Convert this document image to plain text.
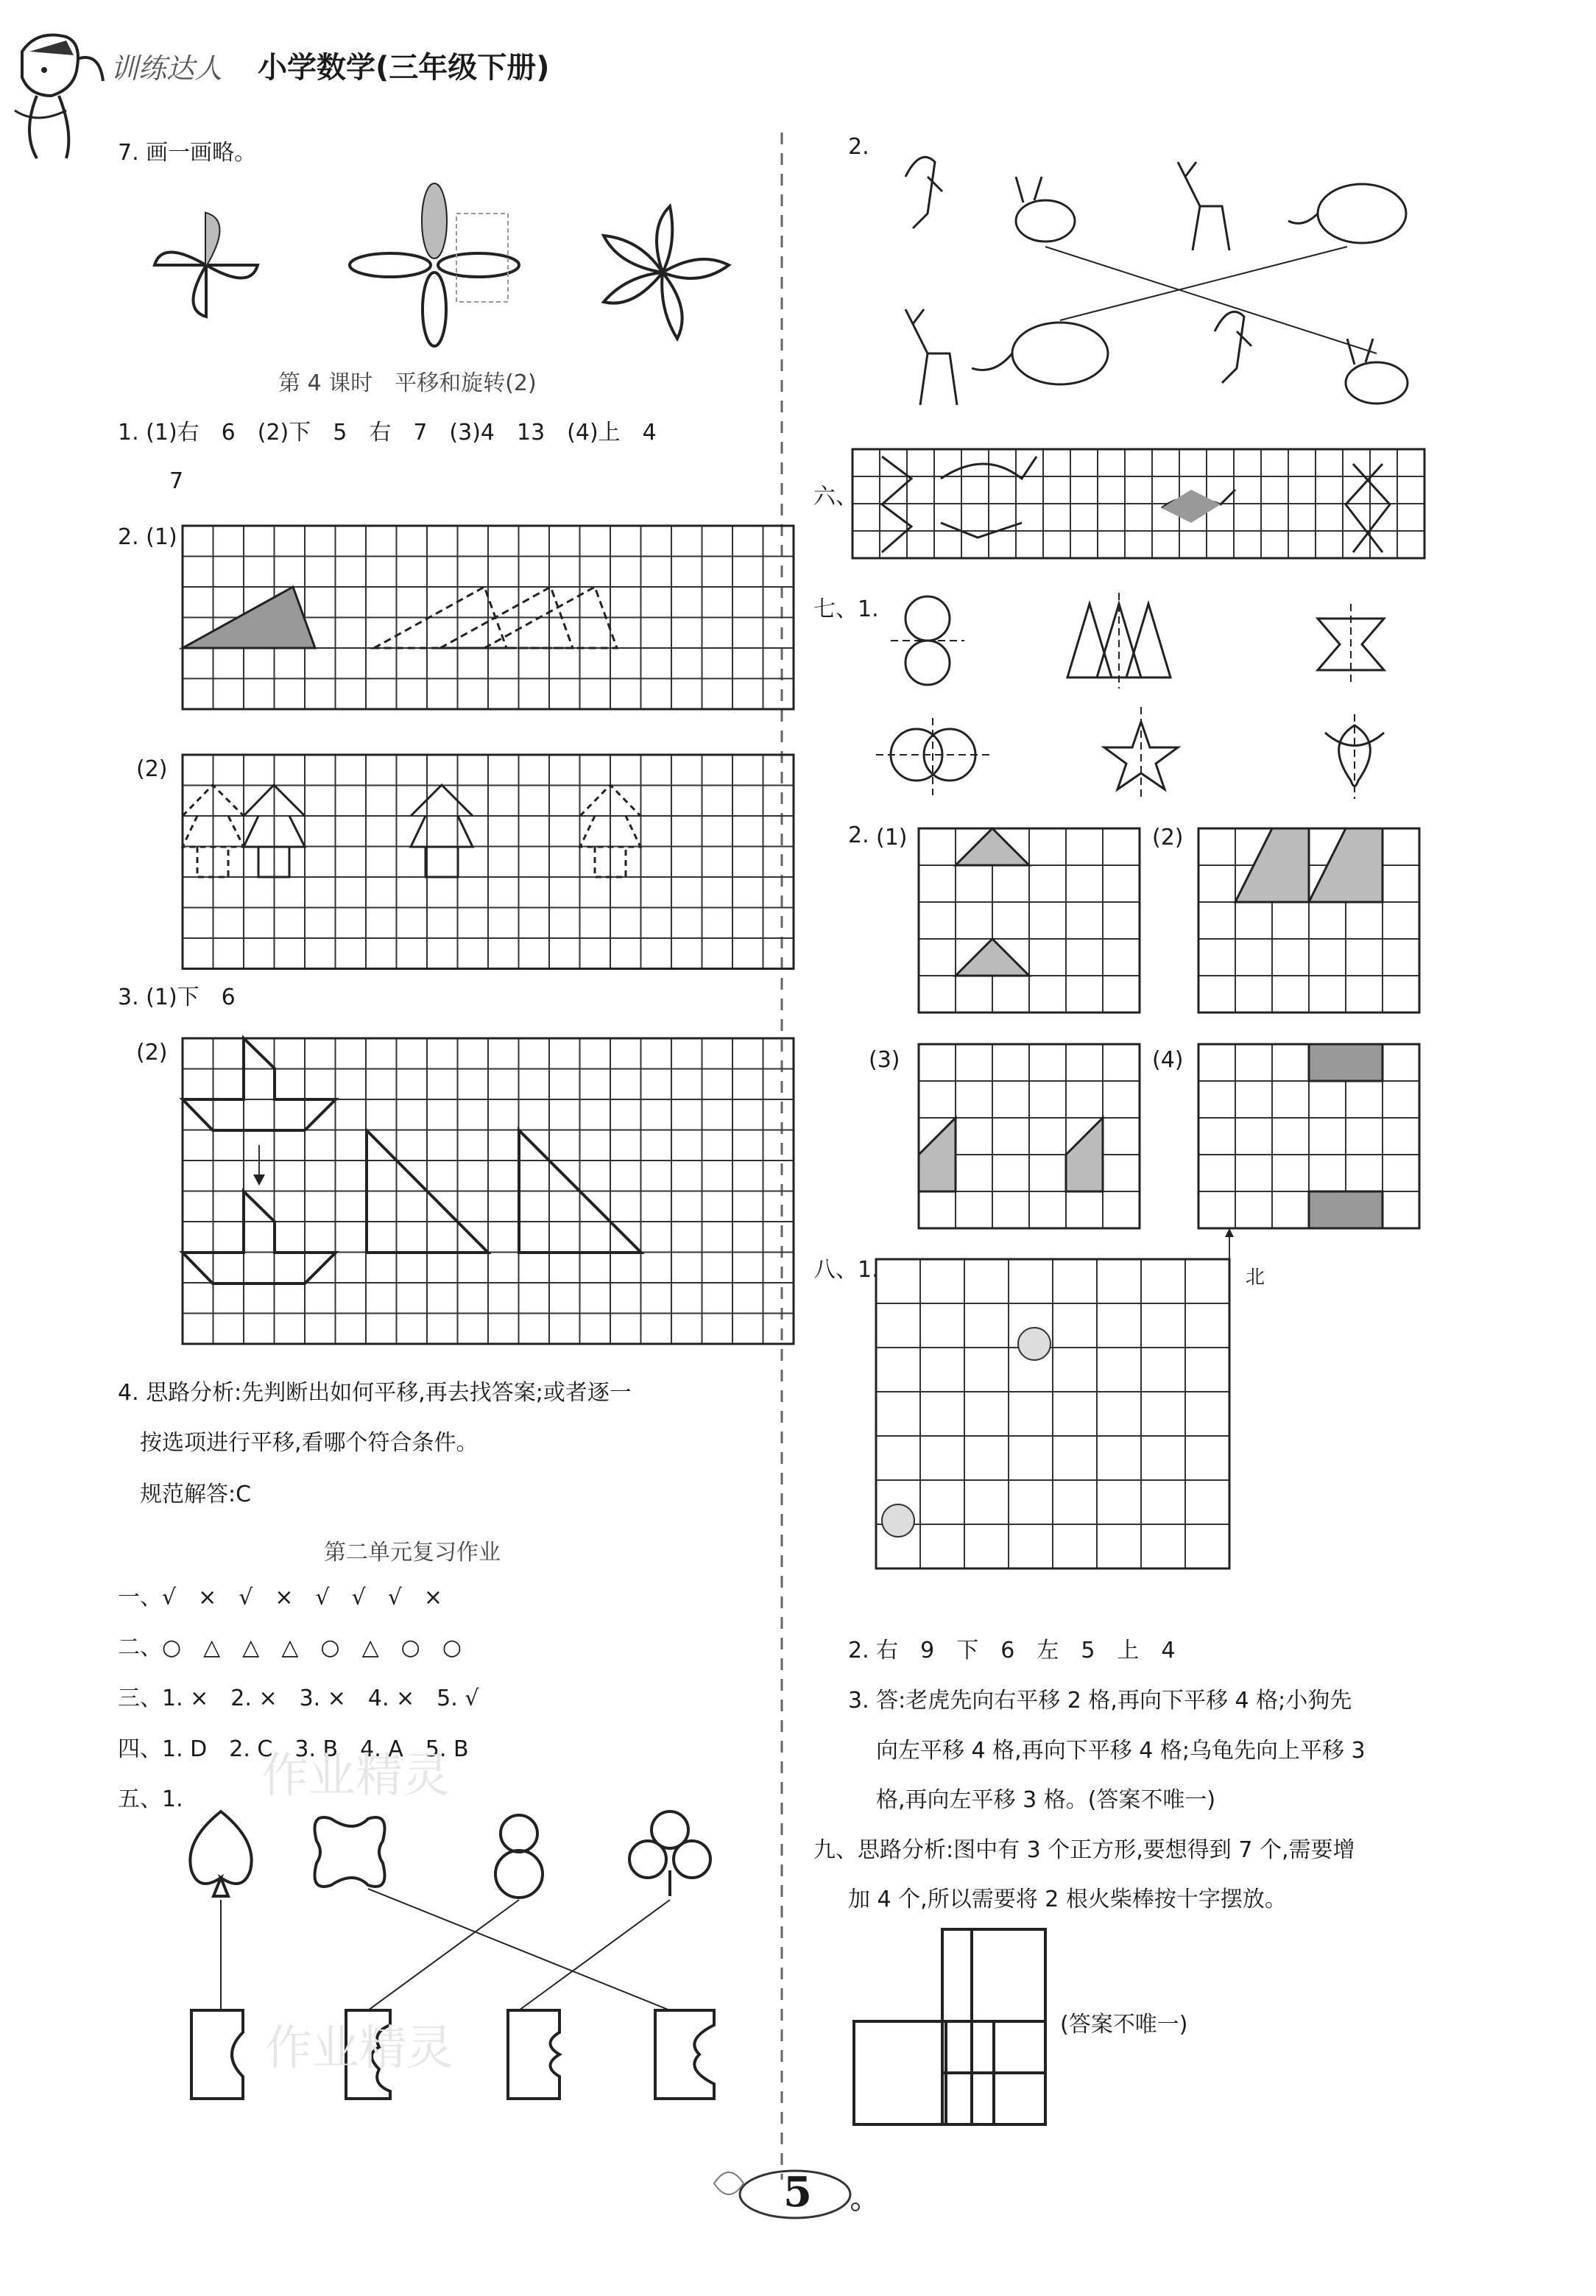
训练达人 小学数学(三年级下册)
7. 画一画略。
第 4 课时　平移和旋转(2)
1. (1)右　6　(2)下　5　右　7　(3)4　13　(4)上　4
7
2. (1)
(2)
3. (1)下　6
(2)
4. 思路分析:先判断出如何平移,再去找答案;或者逐一
按选项进行平移,看哪个符合条件。
规范解答:C
第二单元复习作业
一、√　×　√　×　√　√　√　×
二、○　△　△　△　○　△　○　○
三、1. ×　2. ×　3. ×　4. ×　5. √
四、1. D　2. C　3. B　4. A　5. B
五、1.
2.
六、
七、1.
2. (1)	(2)
(3)	(4)
八、1.	北
2. 右　9　下　6　左　5　上　4
3. 答:老虎先向右平移 2 格,再向下平移 4 格;小狗先
向左平移 4 格,再向下平移 4 格;乌龟先向上平移 3
格,再向左平移 3 格。(答案不唯一)
九、思路分析:图中有 3 个正方形,要想得到 7 个,需要增
加 4 个,所以需要将 2 根火柴棒按十字摆放。
(答案不唯一)
作业精灵
作业精灵
5
